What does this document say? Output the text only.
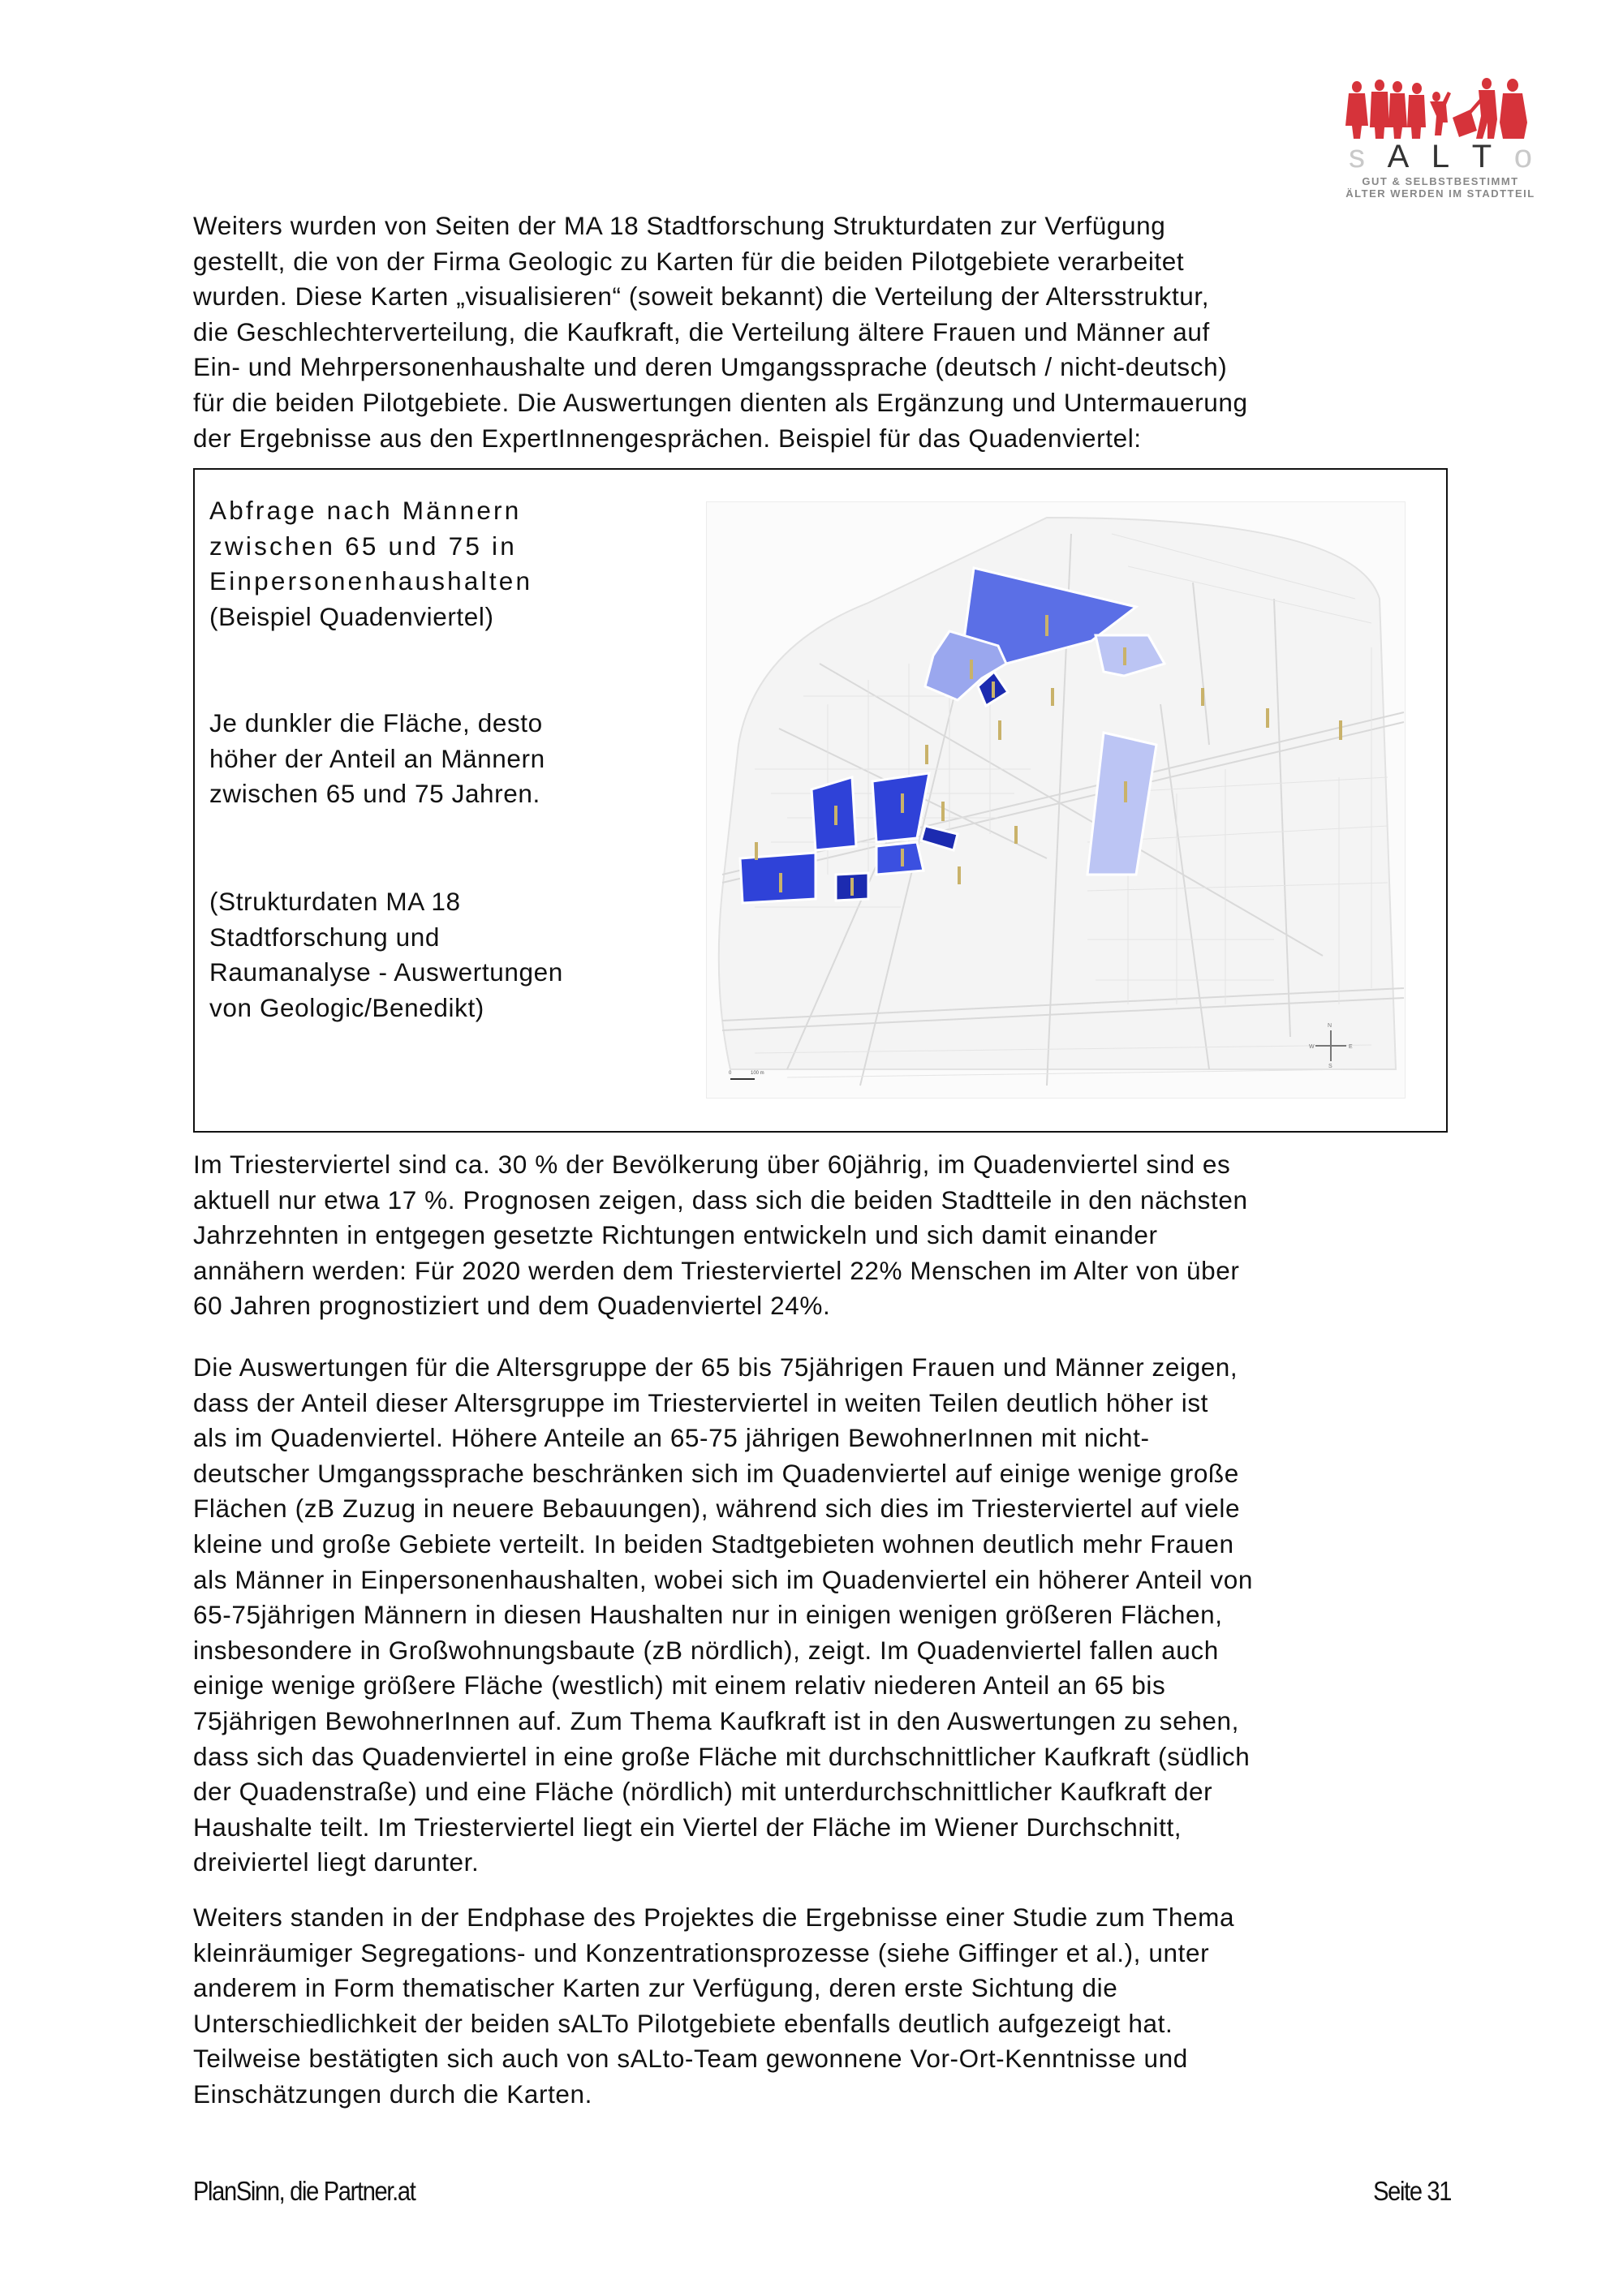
s A L T o
GUT & SELBSTBESTIMMT
ÄLTER WERDEN IM STADTTEIL
Weiters wurden von Seiten der MA 18 Stadtforschung Strukturdaten zur Verfügung
gestellt, die von der Firma Geologic zu Karten für die beiden Pilotgebiete verarbeitet
wurden. Diese Karten „visualisieren“ (soweit bekannt) die Verteilung der Altersstruktur,
die Geschlechterverteilung, die Kaufkraft, die Verteilung ältere Frauen und Männer auf
Ein- und Mehrpersonenhaushalte und deren Umgangssprache (deutsch / nicht-deutsch)
für die beiden Pilotgebiete. Die Auswertungen dienten als Ergänzung und Untermauerung
der Ergebnisse aus den ExpertInnengesprächen. Beispiel für das Quadenviertel:
Abfrage nach Männern
zwischen 65 und 75 in
Einpersonenhaushalten
(Beispiel Quadenviertel)
Je dunkler die Fläche, desto
höher der Anteil an Männern
zwischen 65 und 75 Jahren.
(Strukturdaten MA 18
Stadtforschung und
Raumanalyse - Auswertungen
von Geologic/Benedikt)
N
W	E
S
0	100 m
Im Triesterviertel sind ca. 30 % der Bevölkerung über 60jährig, im Quadenviertel sind es
aktuell nur etwa 17 %. Prognosen zeigen, dass sich die beiden Stadtteile in den nächsten
Jahrzehnten in entgegen gesetzte Richtungen entwickeln und sich damit einander
annähern werden: Für 2020 werden dem Triesterviertel 22% Menschen im Alter von über
60 Jahren prognostiziert und dem Quadenviertel 24%.
Die Auswertungen für die Altersgruppe der 65 bis 75jährigen Frauen und Männer zeigen,
dass der Anteil dieser Altersgruppe im Triesterviertel in weiten Teilen deutlich höher ist
als im Quadenviertel. Höhere Anteile an 65-75 jährigen BewohnerInnen mit nicht-
deutscher Umgangssprache beschränken sich im Quadenviertel auf einige wenige große
Flächen (zB Zuzug in neuere Bebauungen), während sich dies im Triesterviertel auf viele
kleine und große Gebiete verteilt. In beiden Stadtgebieten wohnen deutlich mehr Frauen
als Männer in Einpersonenhaushalten, wobei sich im Quadenviertel ein höherer Anteil von
65-75jährigen Männern in diesen Haushalten nur in einigen wenigen größeren Flächen,
insbesondere in Großwohnungsbaute (zB nördlich), zeigt. Im Quadenviertel fallen auch
einige wenige größere Fläche (westlich) mit einem relativ niederen Anteil an 65 bis
75jährigen BewohnerInnen auf. Zum Thema Kaufkraft ist in den Auswertungen zu sehen,
dass sich das Quadenviertel in eine große Fläche mit durchschnittlicher Kaufkraft (südlich
der Quadenstraße) und eine Fläche (nördlich) mit unterdurchschnittlicher Kaufkraft der
Haushalte teilt. Im Triesterviertel liegt ein Viertel der Fläche im Wiener Durchschnitt,
dreiviertel liegt darunter.
Weiters standen in der Endphase des Projektes die Ergebnisse einer Studie zum Thema
kleinräumiger Segregations- und Konzentrationsprozesse (siehe Giffinger et al.), unter
anderem in Form thematischer Karten zur Verfügung, deren erste Sichtung die
Unterschiedlichkeit der beiden sALTo Pilotgebiete ebenfalls deutlich aufgezeigt hat.
Teilweise bestätigten sich auch von sALto-Team gewonnene Vor-Ort-Kenntnisse und
Einschätzungen durch die Karten.
PlanSinn, die Partner.at	Seite 31
